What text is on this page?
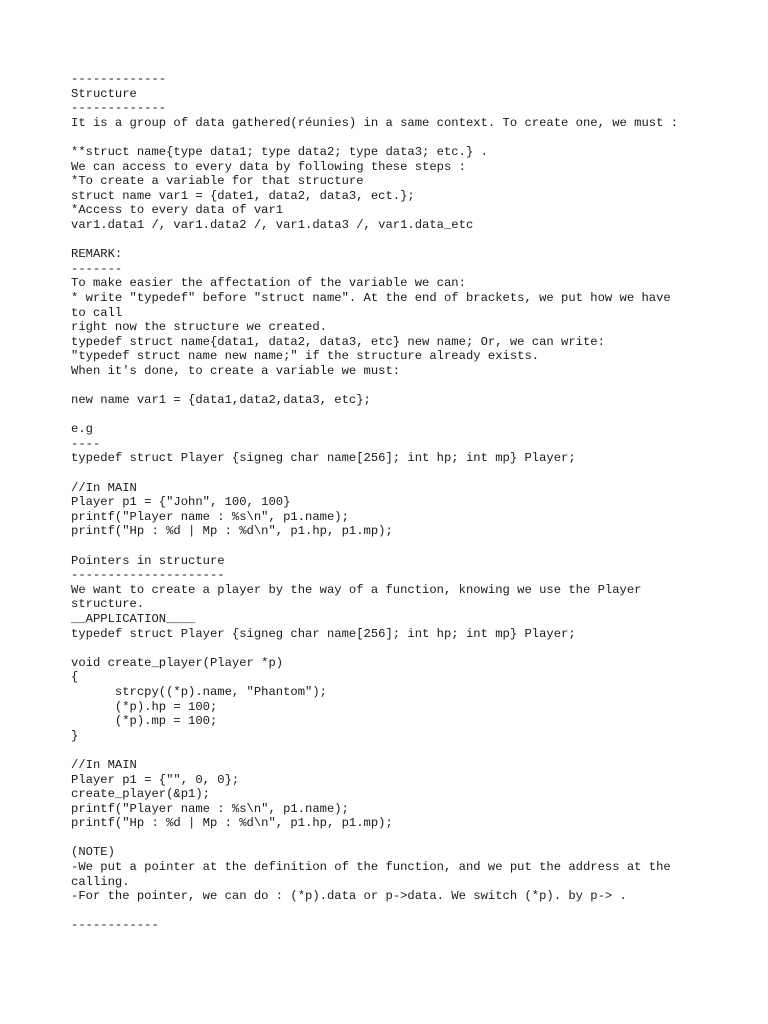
-------------
Structure
-------------
It is a group of data gathered(réunies) in a same context. To create one, we must :
**struct name{type data1; type data2; type data3; etc.} .
We can access to every data by following these steps :
*To create a variable for that structure
struct name var1 = {date1, data2, data3, ect.};
*Access to every data of var1
var1.data1 /, var1.data2 /, var1.data3 /, var1.data_etc
REMARK:
-------
To make easier the affectation of the variable we can:
* write "typedef" before "struct name". At the end of brackets, we put how we have
to call
right now the structure we created.
typedef struct name{data1, data2, data3, etc} new name; Or, we can write:
"typedef struct name new name;" if the structure already exists.
When it's done, to create a variable we must:
new name var1 = {data1,data2,data3, etc};
e.g
----
typedef struct Player {signeg char name[256]; int hp; int mp} Player;
//In MAIN
Player p1 = {"John", 100, 100}
printf("Player name : %s\n", p1.name);
printf("Hp : %d | Mp : %d\n", p1.hp, p1.mp);
Pointers in structure
---------------------
We want to create a player by the way of a function, knowing we use the Player
structure.
__APPLICATION____
typedef struct Player {signeg char name[256]; int hp; int mp} Player;
void create_player(Player *p)
{
strcpy((*p).name, "Phantom");
(*p).hp = 100;
(*p).mp = 100;
}
//In MAIN
Player p1 = {"", 0, 0};
create_player(&p1);
printf("Player name : %s\n", p1.name);
printf("Hp : %d | Mp : %d\n", p1.hp, p1.mp);
(NOTE)
-We put a pointer at the definition of the function, and we put the address at the
calling.
-For the pointer, we can do : (*p).data or p->data. We switch (*p). by p-> .
------------
